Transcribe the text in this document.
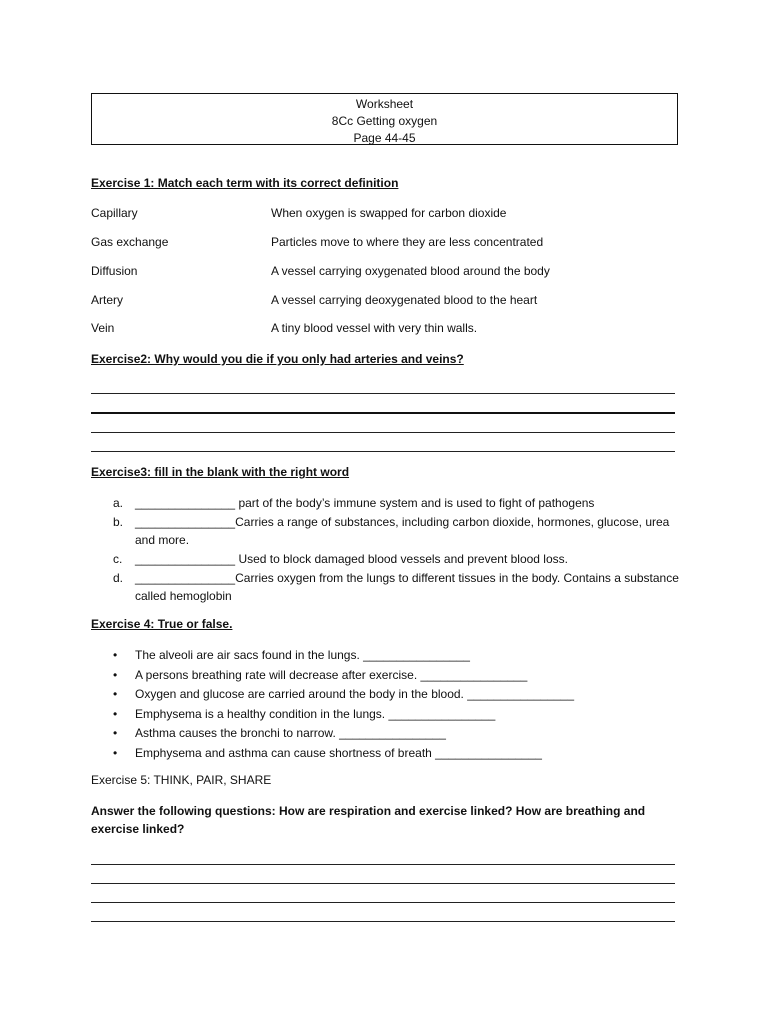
Worksheet
8Cc Getting oxygen
Page 44-45
Exercise 1: Match each term with its correct definition
Capillary	When oxygen is swapped for carbon dioxide
Gas exchange	Particles move to where they are less concentrated
Diffusion	A vessel carrying oxygenated blood around the body
Artery	A vessel carrying deoxygenated blood to the heart
Vein	A tiny blood vessel with very thin walls.
Exercise2: Why would you die if you only had arteries and veins?
Exercise3: fill in the blank with the right word
a. _______________ part of the body’s immune system and is used to fight of pathogens
b. _______________Carries a range of substances, including carbon dioxide, hormones, glucose, urea and more.
c. _______________ Used to block damaged blood vessels and prevent blood loss.
d. _______________Carries oxygen from the lungs to different tissues in the body. Contains a substance called hemoglobin
Exercise 4: True or false.
• The alveoli are air sacs found in the lungs. ________________
• A persons breathing rate will decrease after exercise. ________________
• Oxygen and glucose are carried around the body in the blood. ________________
• Emphysema is a healthy condition in the lungs. ________________
• Asthma causes the bronchi to narrow. ________________
• Emphysema and asthma can cause shortness of breath ________________
Exercise 5: THINK, PAIR, SHARE
Answer the following questions: How are respiration and exercise linked? How are breathing and exercise linked?
